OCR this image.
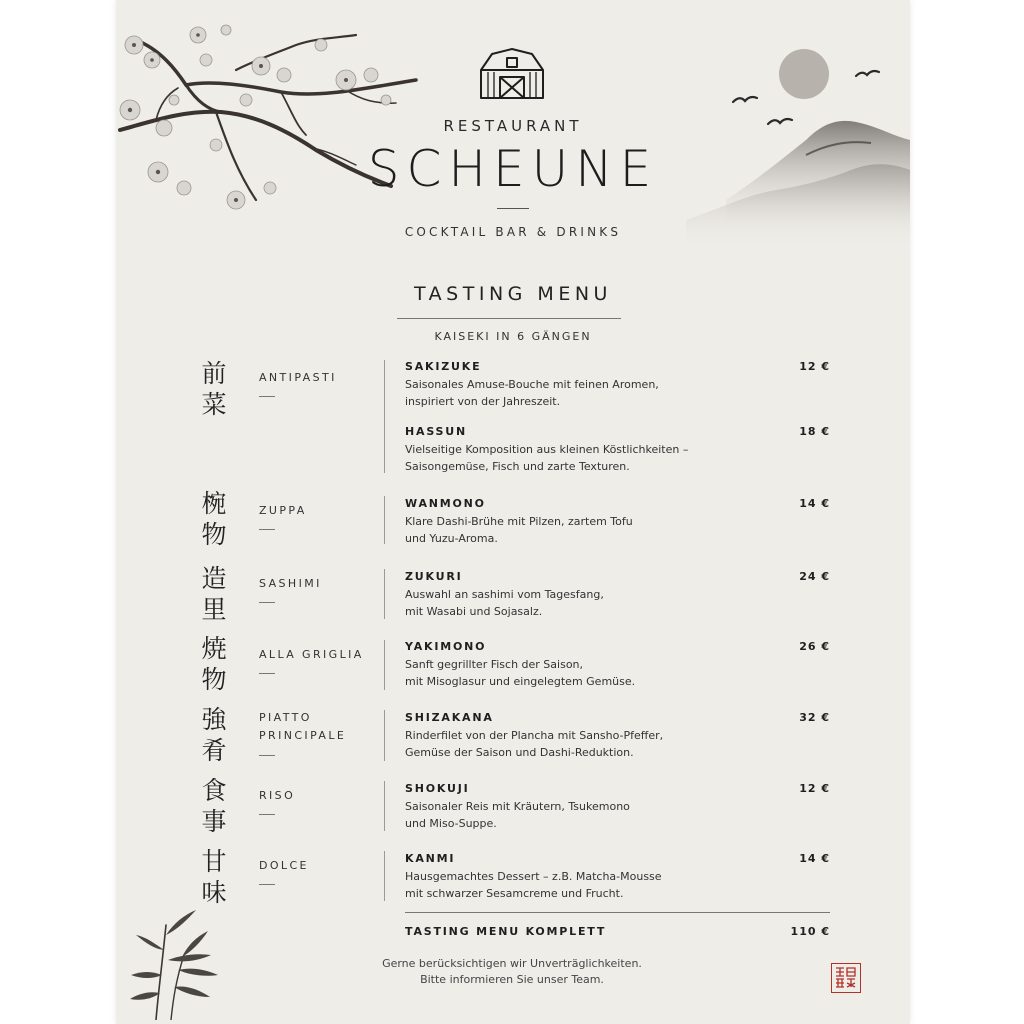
RESTAURANT
SCHEUNE
COCKTAIL BAR & DRINKS
TASTING MENU
KAISEKI IN 6 GÄNGEN
前
菜
ANTIPASTI
SAKIZUKE	12 €
Saisonales Amuse-Bouche mit feinen Aromen,
inspiriert von der Jahreszeit.
HASSUN	18 €
Vielseitige Komposition aus kleinen Köstlichkeiten –
Saisongemüse, Fisch und zarte Texturen.
椀
物
ZUPPA
WANMONO	14 €
Klare Dashi-Brühe mit Pilzen, zartem Tofu
und Yuzu-Aroma.
造
里
SASHIMI
ZUKURI	24 €
Auswahl an sashimi vom Tagesfang,
mit Wasabi und Sojasalz.
焼
物
ALLA GRIGLIA
YAKIMONO	26 €
Sanft gegrillter Fisch der Saison,
mit Misoglasur und eingelegtem Gemüse.
強
肴
PIATTO
PRINCIPALE
SHIZAKANA	32 €
Rinderfilet von der Plancha mit Sansho-Pfeffer,
Gemüse der Saison und Dashi-Reduktion.
食
事
RISO
SHOKUJI	12 €
Saisonaler Reis mit Kräutern, Tsukemono
und Miso-Suppe.
甘
味
DOLCE
KANMI	14 €
Hausgemachtes Dessert – z.B. Matcha-Mousse
mit schwarzer Sesamcreme und Frucht.
TASTING MENU KOMPLETT	110 €
Gerne berücksichtigen wir Unverträglichkeiten.
Bitte informieren Sie unser Team.
